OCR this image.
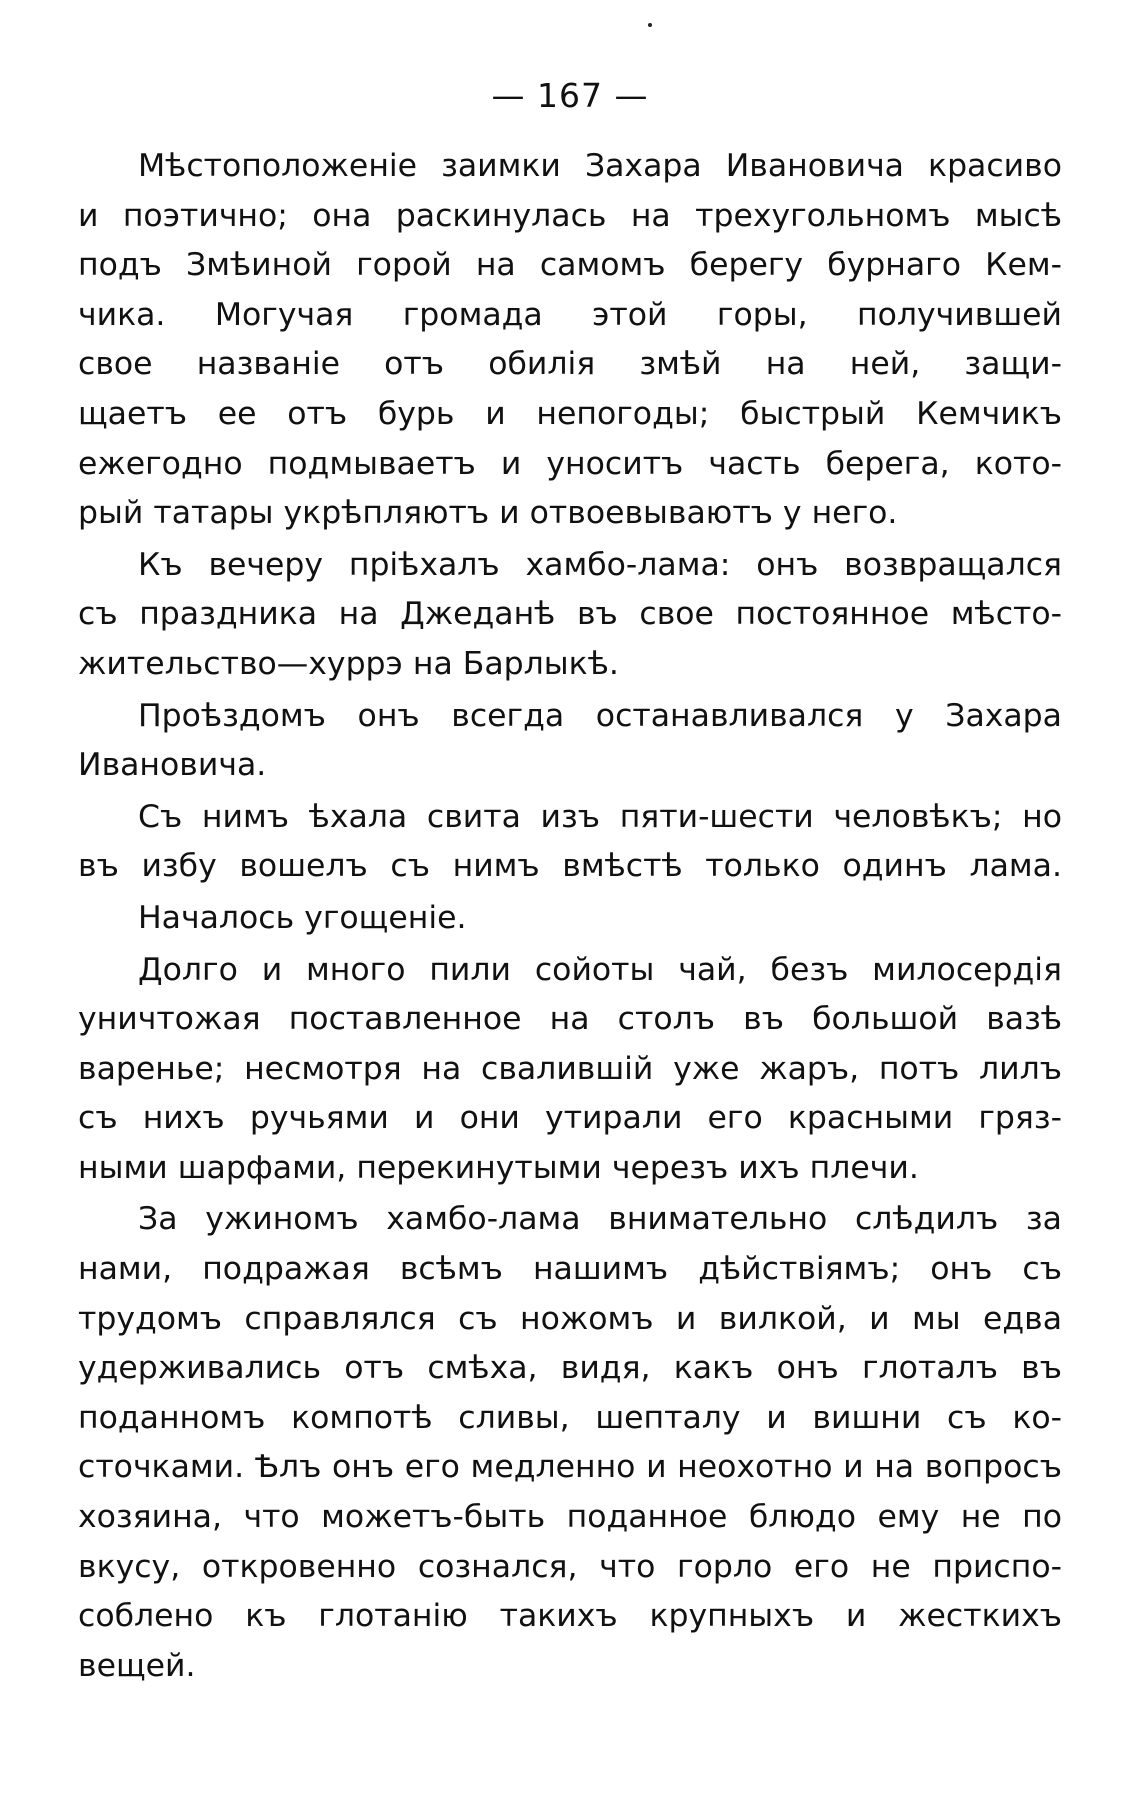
— 167 —
Мѣстоположеніе заимки Захара Ивановича красиво
и поэтично; она раскинулась на трехугольномъ мысѣ
подъ Змѣиной горой на самомъ берегу бурнаго Кем-
чика. Могучая громада этой горы, получившей
свое названіе отъ обилія змѣй на ней, защи-
щаетъ ее отъ бурь и непогоды; быстрый Кемчикъ
ежегодно подмываетъ и уноситъ часть берега, кото-
рый татары укрѣпляютъ и отвоевываютъ у него.
Къ вечеру пріѣхалъ хамбо-лама: онъ возвращался
съ праздника на Джеданѣ въ свое постоянное мѣсто-
жительство—хуррэ на Барлыкѣ.
Проѣздомъ онъ всегда останавливался у Захара
Ивановича.
Съ нимъ ѣхала свита изъ пяти-шести человѣкъ; но
въ избу вошелъ съ нимъ вмѣстѣ только одинъ лама.
Началось угощеніе.
Долго и много пили сойоты чай, безъ милосердія
уничтожая поставленное на столъ въ большой вазѣ
варенье; несмотря на свалившій уже жаръ, потъ лилъ
съ нихъ ручьями и они утирали его красными гряз-
ными шарфами, перекинутыми черезъ ихъ плечи.
За ужиномъ хамбо-лама внимательно слѣдилъ за
нами, подражая всѣмъ нашимъ дѣйствіямъ; онъ съ
трудомъ справлялся съ ножомъ и вилкой, и мы едва
удерживались отъ смѣха, видя, какъ онъ глоталъ въ
поданномъ компотѣ сливы, шепталу и вишни съ ко-
сточками. Ѣлъ онъ его медленно и неохотно и на вопросъ
хозяина, что можетъ-быть поданное блюдо ему не по
вкусу, откровенно сознался, что горло его не приспо-
соблено къ глотанію такихъ крупныхъ и жесткихъ
вещей.
